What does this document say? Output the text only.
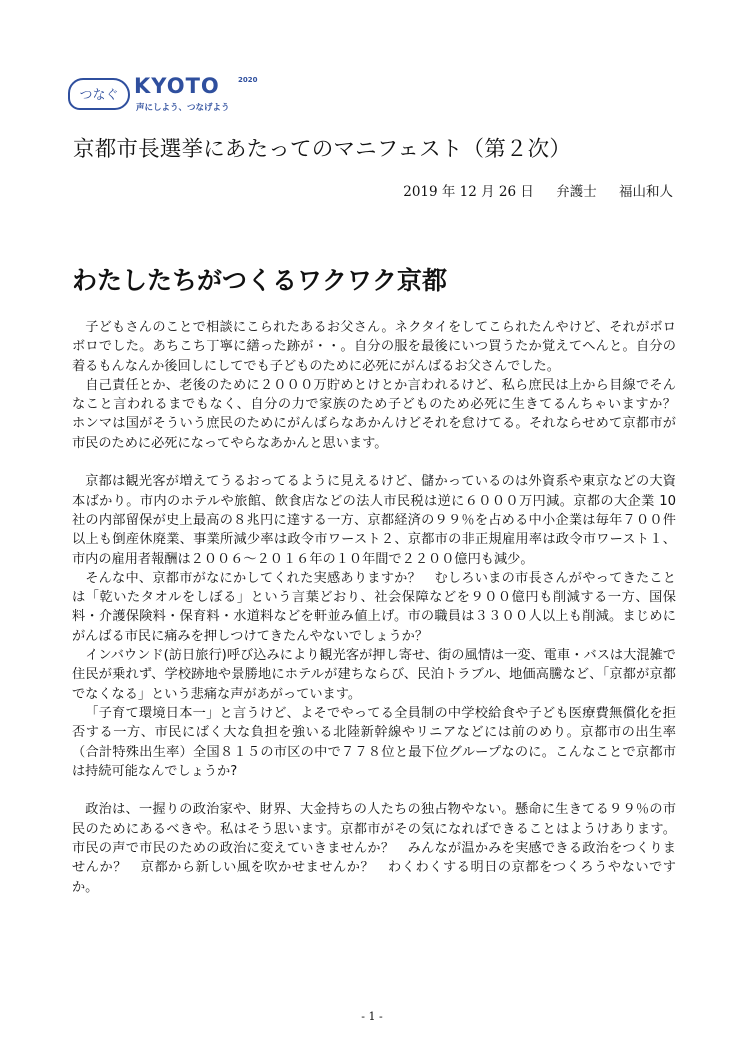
つなぐ KYOTO	2020
声にしよう、つなげよう
京都市長選挙にあたってのマニフェスト（第２次）
2019 年 12 月 26 日 弁護士 福山和人
わたしたちがつくるワクワク京都

子どもさんのことで相談にこられたあるお父さん。ネクタイをしてこられたんやけど、それがボロボロでした。あちこち丁寧に繕った跡が・・。自分の服を最後にいつ買うたか覚えてへんと。自分の着るもんなんか後回しにしてでも子どものために必死にがんばるお父さんでした。

自己責任とか、老後のために２０００万貯めとけとか言われるけど、私ら庶民は上から目線でそんなこと言われるまでもなく、自分の力で家族のため子どものため必死に生きてるんちゃいますか？　ホンマは国がそういう庶民のためにがんばらなあかんけどそれを怠けてる。それならせめて京都市が市民のために必死になってやらなあかんと思います。

京都は観光客が増えてうるおってるように見えるけど、儲かっているのは外資系や東京などの大資本ばかり。市内のホテルや旅館、飲食店などの法人市民税は逆に６０００万円減。京都の大企業 10 社の内部留保が史上最高の８兆円に達する一方、京都経済の９９％を占める中小企業は毎年７００件以上も倒産休廃業、事業所減少率は政令市ワースト２、京都市の非正規雇用率は政令市ワースト１、市内の雇用者報酬は２００６～２０１６年の１０年間で２２００億円も減少。

そんな中、京都市がなにかしてくれた実感ありますか？　むしろいまの市長さんがやってきたことは「乾いたタオルをしぼる」という言葉どおり、社会保障などを９００億円も削減する一方、国保料・介護保険料・保育料・水道料などを軒並み値上げ。市の職員は３３００人以上も削減。まじめにがんばる市民に痛みを押しつけてきたんやないでしょうか？

インバウンド(訪日旅行)呼び込みにより観光客が押し寄せ、街の風情は一変、電車・バスは大混雑で住民が乗れず、学校跡地や景勝地にホテルが建ちならび、民泊トラブル、地価高騰など、「京都が京都でなくなる」という悲痛な声があがっています。

「子育て環境日本一」と言うけど、よそでやってる全員制の中学校給食や子ども医療費無償化を拒否する一方、市民にばく大な負担を強いる北陸新幹線やリニアなどには前のめり。京都市の出生率（合計特殊出生率）全国８１５の市区の中で７７８位と最下位グループなのに。こんなことで京都市は持続可能なんでしょうか?

政治は、一握りの政治家や、財界、大金持ちの人たちの独占物やない。懸命に生きてる９９％の市民のためにあるべきや。私はそう思います。京都市がその気になればできることはようけあります。市民の声で市民のための政治に変えていきませんか？　みんなが温かみを実感できる政治をつくりませんか？　京都から新しい風を吹かせませんか？　わくわくする明日の京都をつくろうやないですか。

- 1 -
